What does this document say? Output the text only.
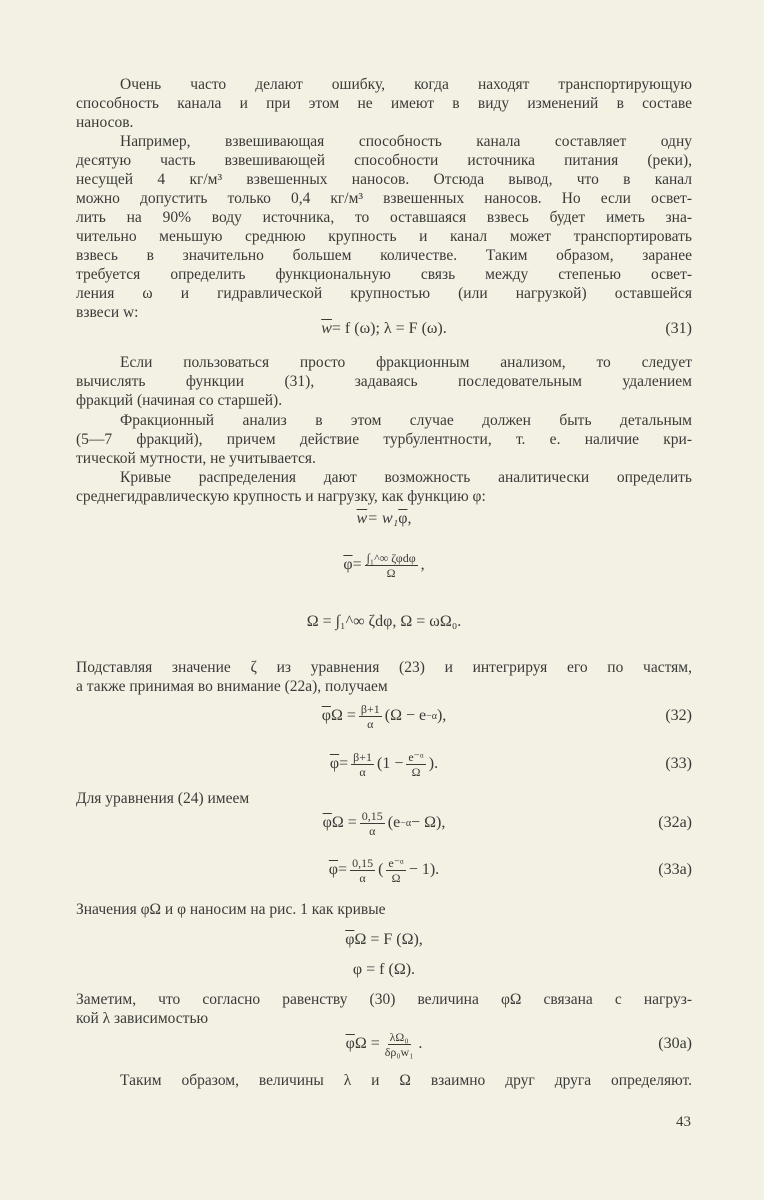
Очень часто делают ошибку, когда находят транспортирующую
способность канала и при этом не имеют в виду изменений в составе
наносов.
Например, взвешивающая способность канала составляет одну
десятую часть взвешивающей способности источника питания (реки),
несущей 4 кг/м³ взвешенных наносов. Отсюда вывод, что в канал
можно допустить только 0,4 кг/м³ взвешенных наносов. Но если освет-
лить на 90% воду источника, то оставшаяся взвесь будет иметь зна-
чительно меньшую среднюю крупность и канал может транспортировать
взвесь в значительно большем количестве. Таким образом, заранее
требуется определить функциональную связь между степенью освет-
ления ω и гидравлической крупностью (или нагрузкой) оставшейся
взвеси w:
$\overline{w} = f$ (ω); λ = F (ω).	(31)
Если пользоваться просто фракционным анализом, то следует
вычислять функции (31), задаваясь последовательным удалением
фракций (начиная со старшей).
Фракционный анализ в этом случае должен быть детальным
(5—7 фракций), причем действие турбулентности, т. е. наличие кри-
тической мутности, не учитывается.
Кривые распределения дают возможность аналитически определить
среднегидравлическую крупность и нагрузку, как функцию φ:
$\overline{w} = w_1$ $\overline{\varphi}$ ,
$\overline{\varphi}$ = ∫₁^∞ ζφdφ
Ω ,
Ω = ∫₁^∞ ζdφ, Ω = ωΩ₀.
Подставляя значение ζ из уравнения (23) и интегрируя его по частям,
а также принимая во внимание (22a), получаем
$\overline{\varphi}$ $\Omega = \frac{\beta+1}{\alpha} (\Omega - e -\alpha$ ),	(32)
$\overline{\varphi} = \frac{\beta+1}{\alpha} (1 - \frac{\text{e⁻ᵅ}}{\Omega}$ ).	(33)
Для уравнения (24) имеем
$\overline{\varphi}$ $\Omega = \frac{0,15}{\alpha} (e -\alpha - \Omega)$,	(32a)
$\overline{\varphi} = \frac{0,15}{\alpha}$ ( $\frac{\text{e⁻ᵅ}}{\Omega} - 1$).	(33a)
Значения φΩ и φ наносим на рис. 1 как кривые
$\overline{\varphi}$ Ω = F (Ω),
φ = f (Ω).
Заметим, что согласно равенству (30) величина φΩ связана с нагруз-
кой λ зависимостью
$\overline{\varphi}$ $\Omega = \frac{\text{λΩ₀}}{\text{δρ₀w₁}}$ .	(30a)
Таким образом, величины λ и Ω взаимно друг друга определяют.
43
